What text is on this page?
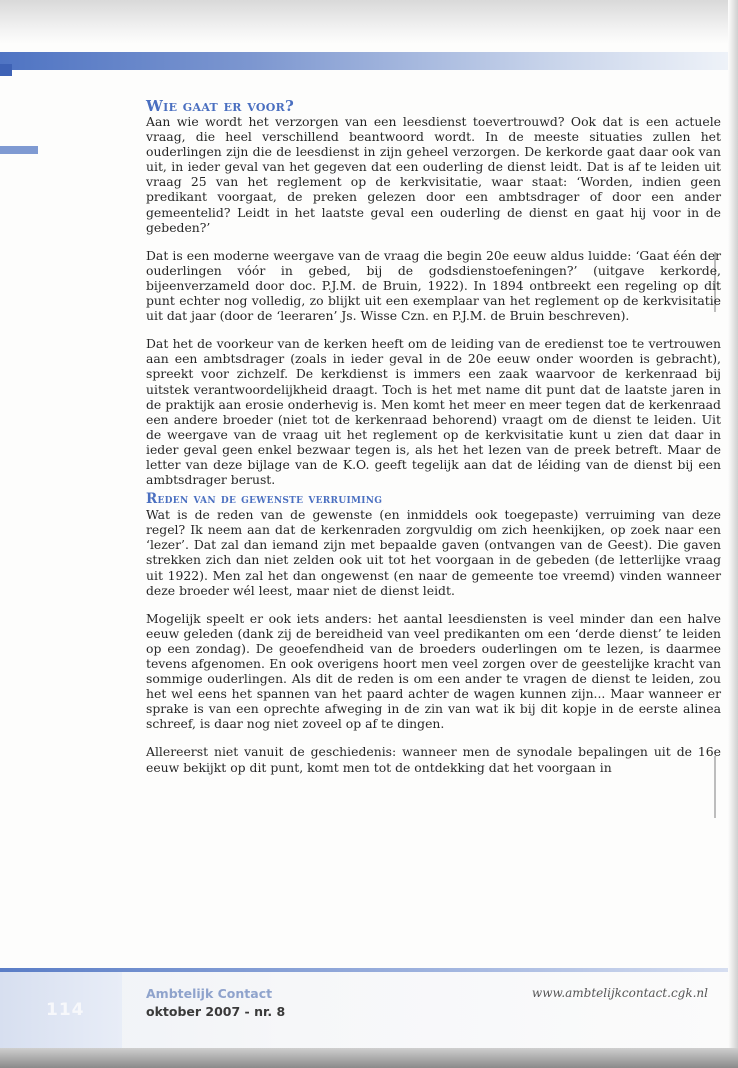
Wie gaat er voor?

Aan wie wordt het verzorgen van een leesdienst toevertrouwd? Ook dat is een actuele vraag, die heel verschillend beantwoord wordt. In de meeste situaties zullen het ouderlingen zijn die de leesdienst in zijn geheel verzorgen. De kerkorde gaat daar ook van uit, in ieder geval van het gegeven dat een ouderling de dienst leidt. Dat is af te leiden uit vraag 25 van het reglement op de kerkvisitatie, waar staat: ‘Worden, indien geen predikant voorgaat, de preken gelezen door een ambtsdrager of door een ander gemeentelid? Leidt in het laatste geval een ouderling de dienst en gaat hij voor in de gebeden?’

Dat is een moderne weergave van de vraag die begin 20e eeuw aldus luidde: ‘Gaat één der ouderlingen vóór in gebed, bij de godsdienstoefeningen?’ (uitgave kerkorde, bijeenverzameld door doc. P.J.M. de Bruin, 1922). In 1894 ontbreekt een regeling op dit punt echter nog volledig, zo blijkt uit een exemplaar van het reglement op de kerkvisitatie uit dat jaar (door de ‘leeraren’ Js. Wisse Czn. en P.J.M. de Bruin beschreven).

Dat het de voorkeur van de kerken heeft om de leiding van de eredienst toe te vertrouwen aan een ambtsdrager (zoals in ieder geval in de 20e eeuw onder woorden is gebracht), spreekt voor zichzelf. De kerkdienst is immers een zaak waarvoor de kerkenraad bij uitstek verantwoordelijkheid draagt. Toch is het met name dit punt dat de laatste jaren in de praktijk aan erosie onderhevig is. Men komt het meer en meer tegen dat de kerkenraad een andere broeder (niet tot de kerkenraad behorend) vraagt om de dienst te leiden. Uit de weergave van de vraag uit het reglement op de kerkvisitatie kunt u zien dat daar in ieder geval geen enkel bezwaar tegen is, als het het lezen van de preek betreft. Maar de letter van deze bijlage van de K.O. geeft tegelijk aan dat de léiding van de dienst bij een ambtsdrager berust.

Reden van de gewenste verruiming

Wat is de reden van de gewenste (en inmiddels ook toegepaste) verruiming van deze regel? Ik neem aan dat de kerkenraden zorgvuldig om zich heenkijken, op zoek naar een ‘lezer’. Dat zal dan iemand zijn met bepaalde gaven (ontvangen van de Geest). Die gaven strekken zich dan niet zelden ook uit tot het voorgaan in de gebeden (de letterlijke vraag uit 1922). Men zal het dan ongewenst (en naar de gemeente toe vreemd) vinden wanneer deze broeder wél leest, maar niet de dienst leidt.

Mogelijk speelt er ook iets anders: het aantal leesdiensten is veel minder dan een halve eeuw geleden (dank zij de bereidheid van veel predikanten om een ‘derde dienst’ te leiden op een zondag). De geoefendheid van de broeders ouderlingen om te lezen, is daarmee tevens afgenomen. En ook overigens hoort men veel zorgen over de geestelijke kracht van sommige ouderlingen. Als dit de reden is om een ander te vragen de dienst te leiden, zou het wel eens het spannen van het paard achter de wagen kunnen zijn... Maar wanneer er sprake is van een oprechte afweging in de zin van wat ik bij dit kopje in de eerste alinea schreef, is daar nog niet zoveel op af te dingen.

Allereerst niet vanuit de geschiedenis: wanneer men de synodale bepalingen uit de 16e eeuw bekijkt op dit punt, komt men tot de ontdekking dat het voorgaan in

114
Ambtelijk Contact
oktober 2007 - nr. 8
www.ambtelijkcontact.cgk.nl
